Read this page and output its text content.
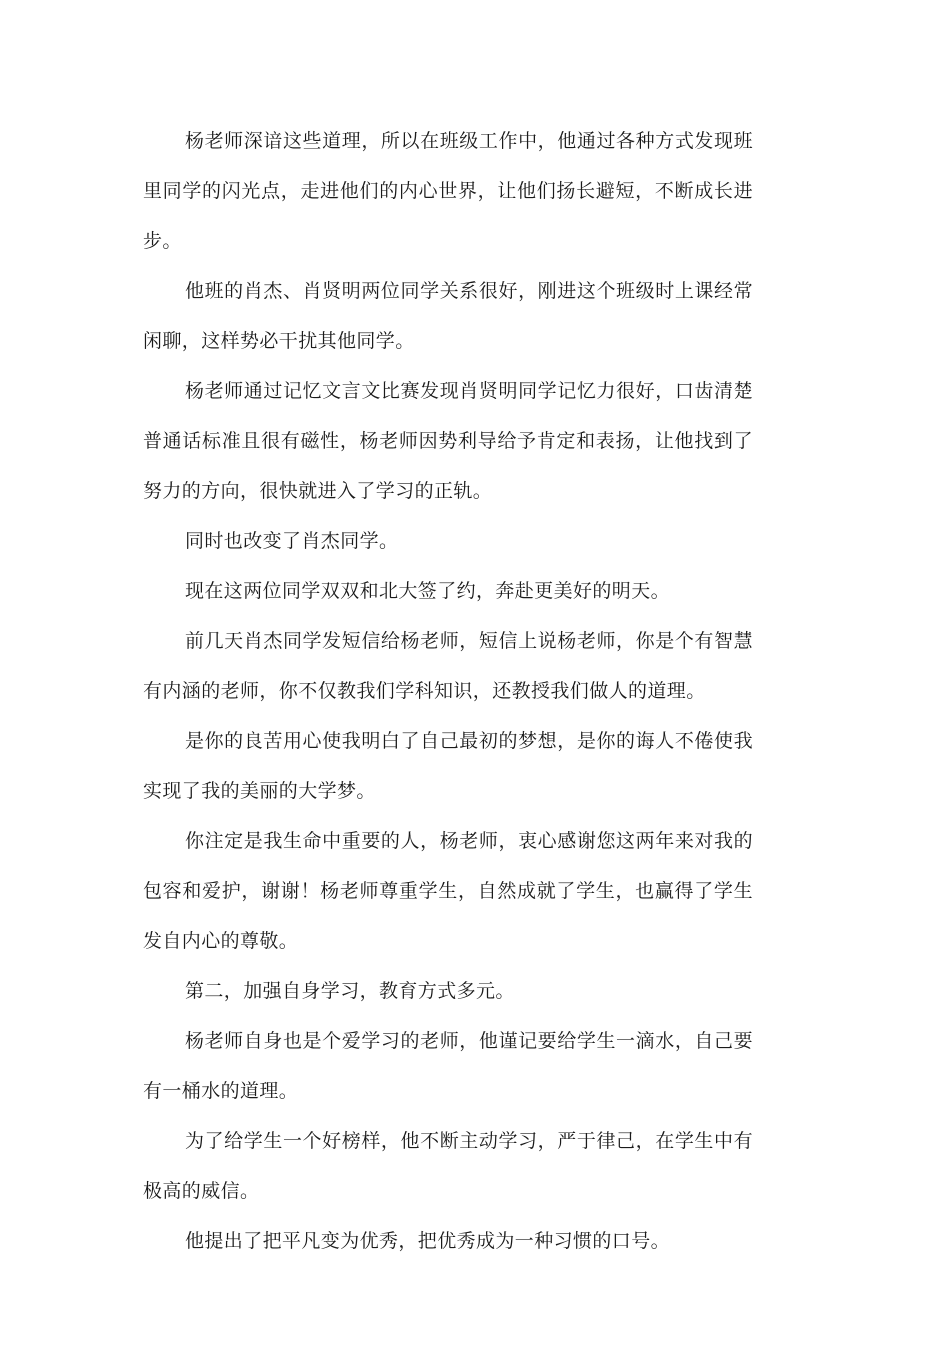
杨老师深谙这些道理，所以在班级工作中，他通过各种方式发现班里同学的闪光点，走进他们的内心世界，让他们扬长避短，不断成长进步。

他班的肖杰、肖贤明两位同学关系很好，刚进这个班级时上课经常闲聊，这样势必干扰其他同学。

杨老师通过记忆文言文比赛发现肖贤明同学记忆力很好，口齿清楚普通话标准且很有磁性，杨老师因势利导给予肯定和表扬，让他找到了努力的方向，很快就进入了学习的正轨。

同时也改变了肖杰同学。

现在这两位同学双双和北大签了约，奔赴更美好的明天。

前几天肖杰同学发短信给杨老师，短信上说杨老师，你是个有智慧有内涵的老师，你不仅教我们学科知识，还教授我们做人的道理。

是你的良苦用心使我明白了自己最初的梦想，是你的诲人不倦使我实现了我的美丽的大学梦。

你注定是我生命中重要的人，杨老师，衷心感谢您这两年来对我的包容和爱护，谢谢！杨老师尊重学生，自然成就了学生，也赢得了学生发自内心的尊敬。

第二，加强自身学习，教育方式多元。

杨老师自身也是个爱学习的老师，他谨记要给学生一滴水，自己要有一桶水的道理。

为了给学生一个好榜样，他不断主动学习，严于律己，在学生中有极高的威信。

他提出了把平凡变为优秀，把优秀成为一种习惯的口号。
